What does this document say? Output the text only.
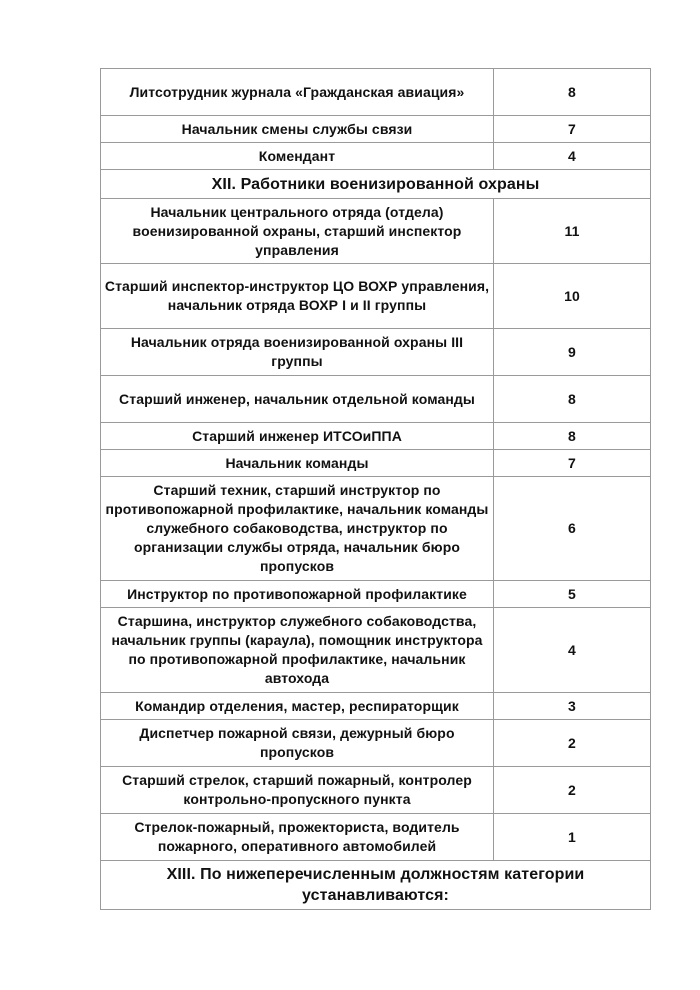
Литсотрудник журнала «Гражданская авиация»	8
Начальник смены службы связи	7
Комендант	4
XII. Работники военизированной охраны	
Начальник центрального отряда (отдела) военизированной охраны, старший инспектор управления	11
Старший инспектор-инструктор ЦО ВОХР управления, начальник отряда ВОХР I и II группы	10
Начальник отряда военизированной охраны III группы	9
Старший инженер, начальник отдельной команды	8
Старший инженер ИТСОиППА	8
Начальник команды	7
Старший техник, старший инструктор по противопожарной профилактике, начальник команды служебного собаководства, инструктор по организации службы отряда, начальник бюро пропусков	6
Инструктор по противопожарной профилактике	5
Старшина, инструктор служебного собаководства, начальник группы (караула), помощник инструктора по противопожарной профилактике, начальник автохода	4
Командир отделения, мастер, респираторщик	3
Диспетчер пожарной связи, дежурный бюро пропусков	2
Старший стрелок, старший пожарный, контролер контрольно-пропускного пункта	2
Стрелок-пожарный, прожекториста, водитель пожарного, оперативного автомобилей	1
XIII. По нижеперечисленным должностям категории устанавливаются:	
